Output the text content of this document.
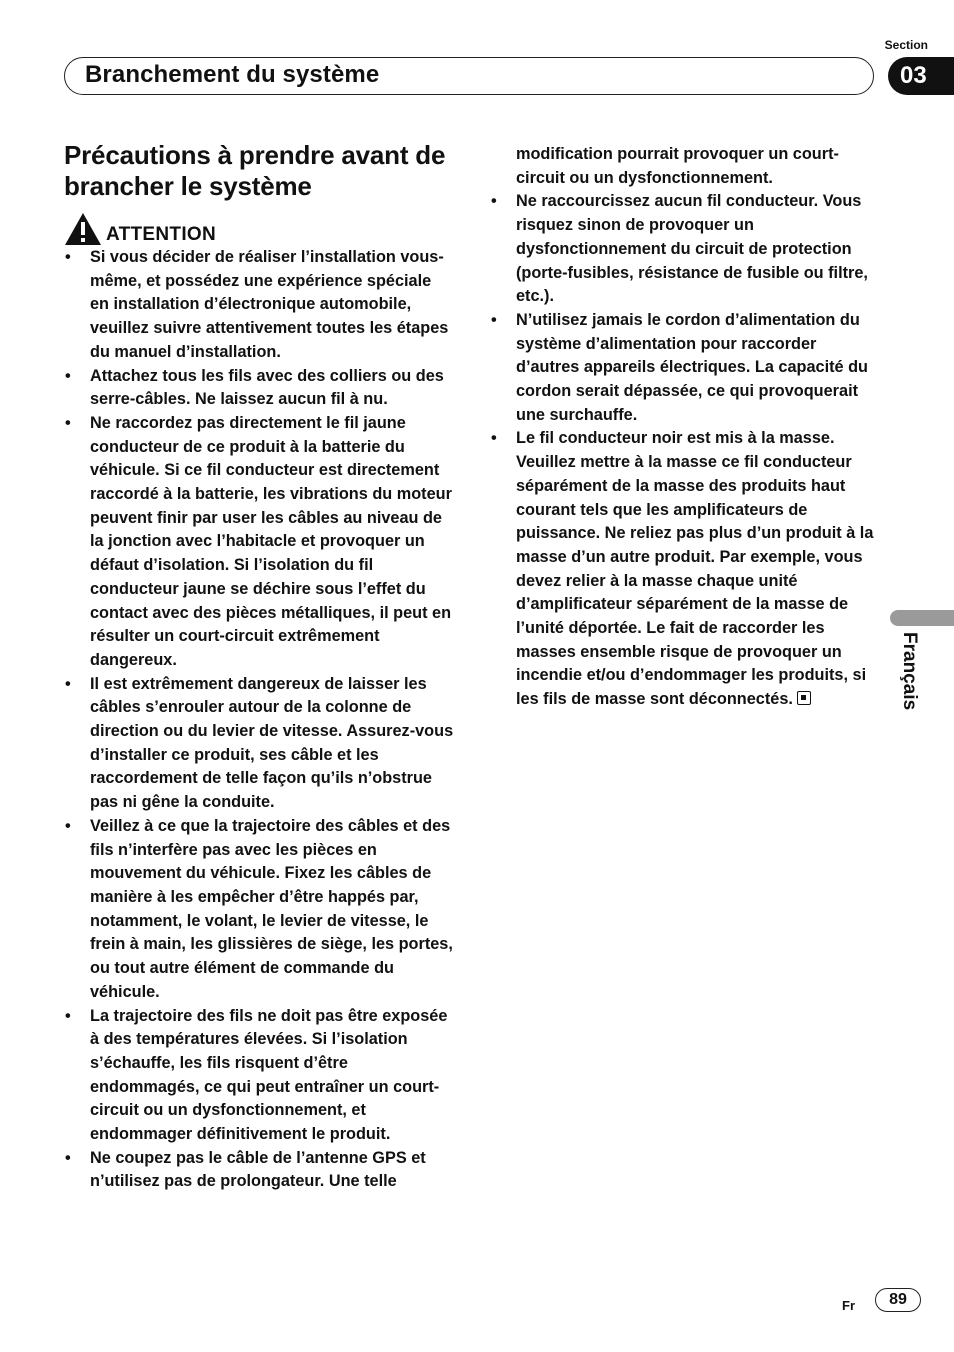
Section
Branchement du système	03
Précautions à prendre avant de brancher le système
ATTENTION
• Si vous décider de réaliser l’installation vous-même, et possédez une expérience spéciale en installation d’électronique automobile, veuillez suivre attentivement toutes les étapes du manuel d’installation.
• Attachez tous les fils avec des colliers ou des serre-câbles. Ne laissez aucun fil à nu.
• Ne raccordez pas directement le fil jaune conducteur de ce produit à la batterie du véhicule. Si ce fil conducteur est directement raccordé à la batterie, les vibrations du moteur peuvent finir par user les câbles au niveau de la jonction avec l’habitacle et provoquer un défaut d’isolation. Si l’isolation du fil conducteur jaune se déchire sous l’effet du contact avec des pièces métalliques, il peut en résulter un court-circuit extrêmement dangereux.
• Il est extrêmement dangereux de laisser les câbles s’enrouler autour de la colonne de direction ou du levier de vitesse. Assurez-vous d’installer ce produit, ses câble et les raccordement de telle façon qu’ils n’obstrue pas ni gêne la conduite.
• Veillez à ce que la trajectoire des câbles et des fils n’interfère pas avec les pièces en mouvement du véhicule. Fixez les câbles de manière à les empêcher d’être happés par, notamment, le volant, le levier de vitesse, le frein à main, les glissières de siège, les portes, ou tout autre élément de commande du véhicule.
• La trajectoire des fils ne doit pas être exposée à des températures élevées. Si l’isolation s’échauffe, les fils risquent d’être endommagés, ce qui peut entraîner un court-circuit ou un dysfonctionnement, et endommager définitivement le produit.
• Ne coupez pas le câble de l’antenne GPS et n’utilisez pas de prolongateur. Une telle
modification pourrait provoquer un court-circuit ou un dysfonctionnement.
• Ne raccourcissez aucun fil conducteur. Vous risquez sinon de provoquer un dysfonctionnement du circuit de protection (porte-fusibles, résistance de fusible ou filtre, etc.).
• N’utilisez jamais le cordon d’alimentation du système d’alimentation pour raccorder d’autres appareils électriques. La capacité du cordon serait dépassée, ce qui provoquerait une surchauffe.
• Le fil conducteur noir est mis à la masse. Veuillez mettre à la masse ce fil conducteur séparément de la masse des produits haut courant tels que les amplificateurs de puissance. Ne reliez pas plus d’un produit à la masse d’un autre produit. Par exemple, vous devez relier à la masse chaque unité d’amplificateur séparément de la masse de l’unité déportée. Le fait de raccorder les masses ensemble risque de provoquer un incendie et/ou d’endommager les produits, si les fils de masse sont déconnectés.	Français
Fr	89
